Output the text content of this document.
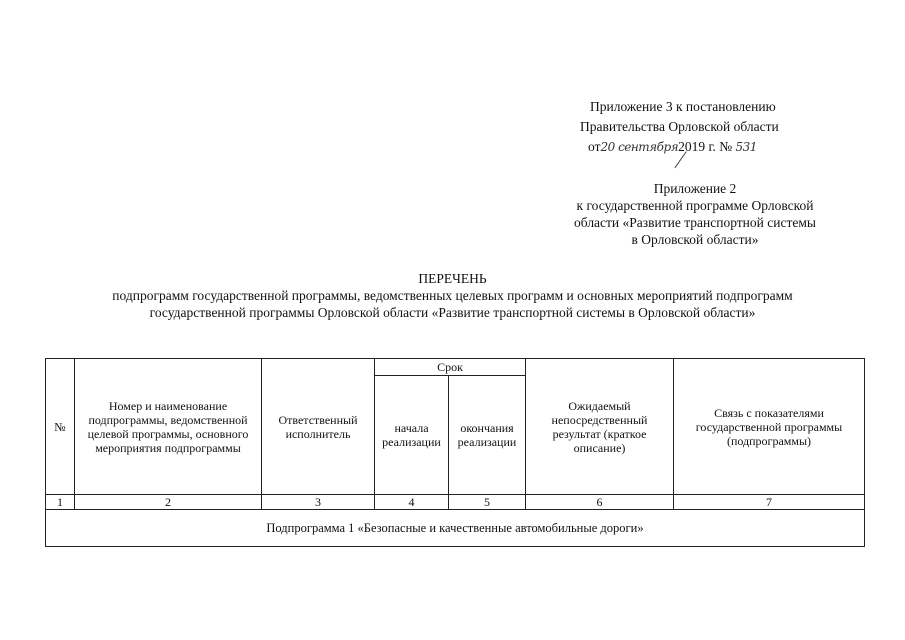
Приложение 3 к постановлению
Правительства Орловской области
от20 сентября2019 г. № 531
Приложение 2
к государственной программе Орловской
области «Развитие транспортной системы
в Орловской области»
ПЕРЕЧЕНЬ
подпрограмм государственной программы, ведомственных целевых программ и основных мероприятий подпрограмм
государственной программы Орловской области «Развитие транспортной системы в Орловской области»
№	Номер и наименование подпрограммы, ведомственной целевой программы, основного мероприятия подпрограммы	Ответственный исполнитель	Срок		Ожидаемый непосредственный результат (краткое описание)	Связь с показателями государственной программы (подпрограммы)
			начала реализации	окончания реализации		
1	2	3	4	5	6	7
Подпрограмма 1 «Безопасные и качественные автомобильные дороги»						
